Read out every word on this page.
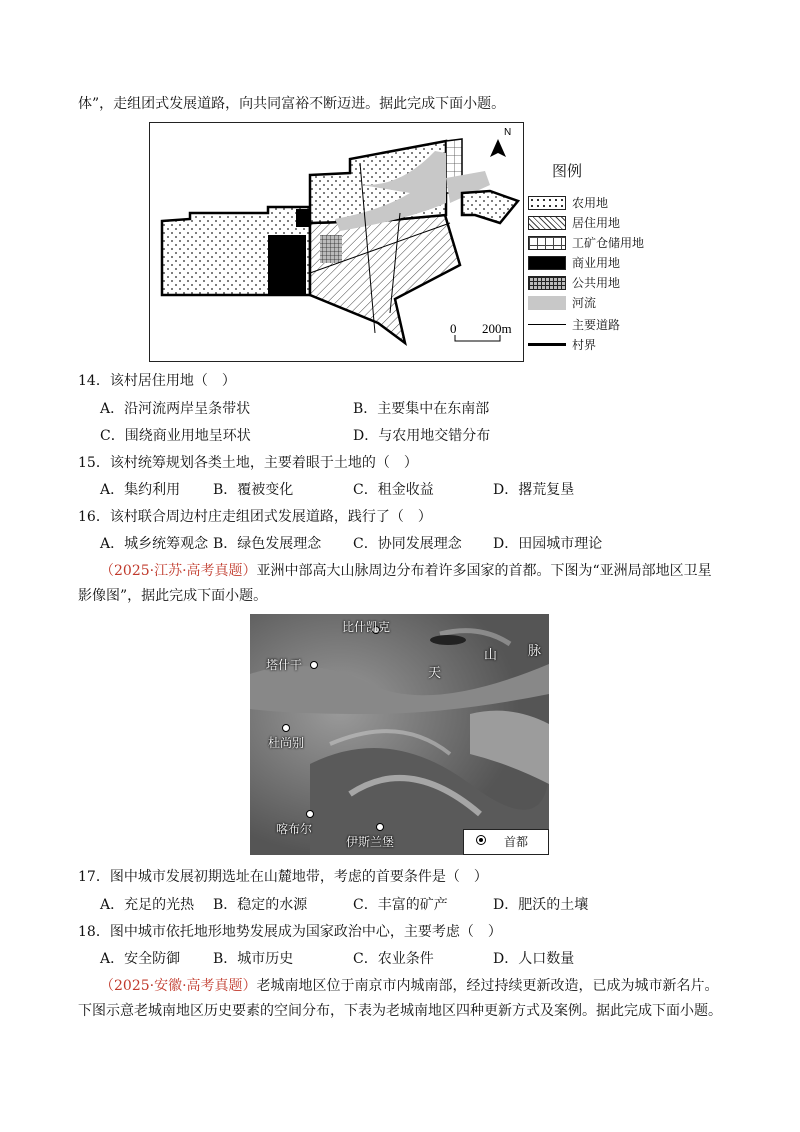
体”，走组团式发展道路，向共同富裕不断迈进。据此完成下面小题。
0 200m
N
图例
农用地
居住用地
工矿仓储用地
商业用地
公共用地
河流
主要道路
村界
14．该村居住用地（　）
A．沿河流两岸呈条带状	B．主要集中在东南部
C．围绕商业用地呈环状	D．与农用地交错分布
15．该村统筹规划各类土地，主要着眼于土地的（　）
A．集约利用 B．覆被变化	C．租金收益	D．撂荒复垦
16．该村联合周边村庄走组团式发展道路，践行了（　）
A．城乡统筹观念 B．绿色发展理念 C．协同发展理念 D．田园城市理论
（2025·江苏·高考真题）亚洲中部高大山脉周边分布着许多国家的首都。下图为“亚洲局部地区卫星
影像图”，据此完成下面小题。
比什凯克
塔什干
杜尚别
喀布尔
伊斯兰堡
天
山 脉
首都
17．图中城市发展初期选址在山麓地带，考虑的首要条件是（　）
A．充足的光热 B．稳定的水源	C．丰富的矿产	D．肥沃的土壤
18．图中城市依托地形地势发展成为国家政治中心，主要考虑（　）
A．安全防御 B．城市历史	C．农业条件	D．人口数量
（2025·安徽·高考真题）老城南地区位于南京市内城南部，经过持续更新改造，已成为城市新名片。
下图示意老城南地区历史要素的空间分布，下表为老城南地区四种更新方式及案例。据此完成下面小题。
